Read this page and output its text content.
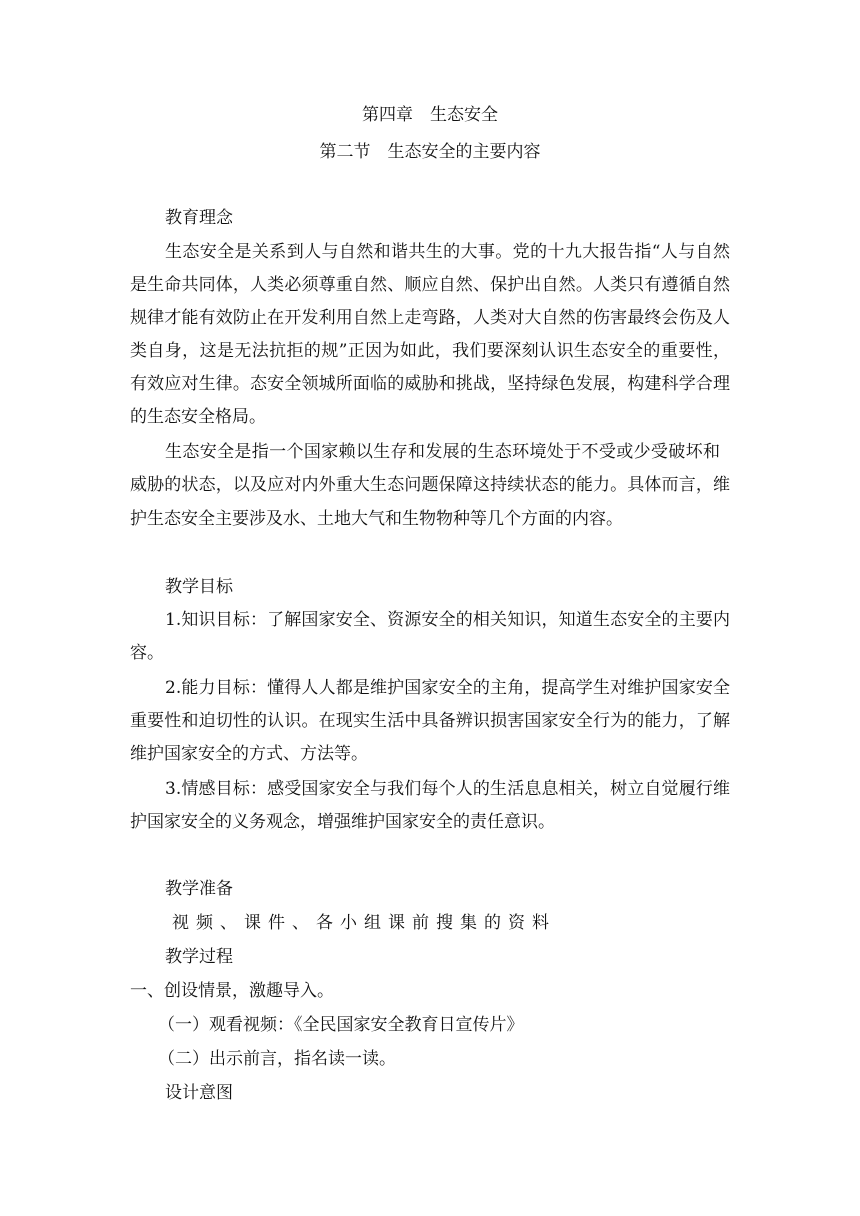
第四章　生态安全
第二节　生态安全的主要内容
教育理念
生态安全是关系到人与自然和谐共生的大事。党的十九大报告指“人与自然
是生命共同体，人类必须尊重自然、顺应自然、保护出自然。人类只有遵循自然
规律才能有效防止在开发利用自然上走弯路，人类对大自然的伤害最终会伤及人
类自身，这是无法抗拒的规”正因为如此，我们要深刻认识生态安全的重要性，
有效应对生律。态安全领城所面临的威胁和挑战，坚持绿色发展，构建科学合理
的生态安全格局。
生态安全是指一个国家赖以生存和发展的生态环境处于不受或少受破坏和
威胁的状态，以及应对内外重大生态问题保障这持续状态的能力。具体而言，维
护生态安全主要涉及水、土地大气和生物物种等几个方面的内容。
教学目标
1.知识目标：了解国家安全、资源安全的相关知识，知道生态安全的主要内
容。
2.能力目标：懂得人人都是维护国家安全的主角，提高学生对维护国家安全
重要性和迫切性的认识。在现实生活中具备辨识损害国家安全行为的能力，了解
维护国家安全的方式、方法等。
3.情感目标：感受国家安全与我们每个人的生活息息相关，树立自觉履行维
护国家安全的义务观念，增强维护国家安全的责任意识。
教学准备
视频、课件、各小组课前搜集的资料
教学过程
一、创设情景，激趣导入。
（一）观看视频：《全民国家安全教育日宣传片》
（二）出示前言，指名读一读。
设计意图
